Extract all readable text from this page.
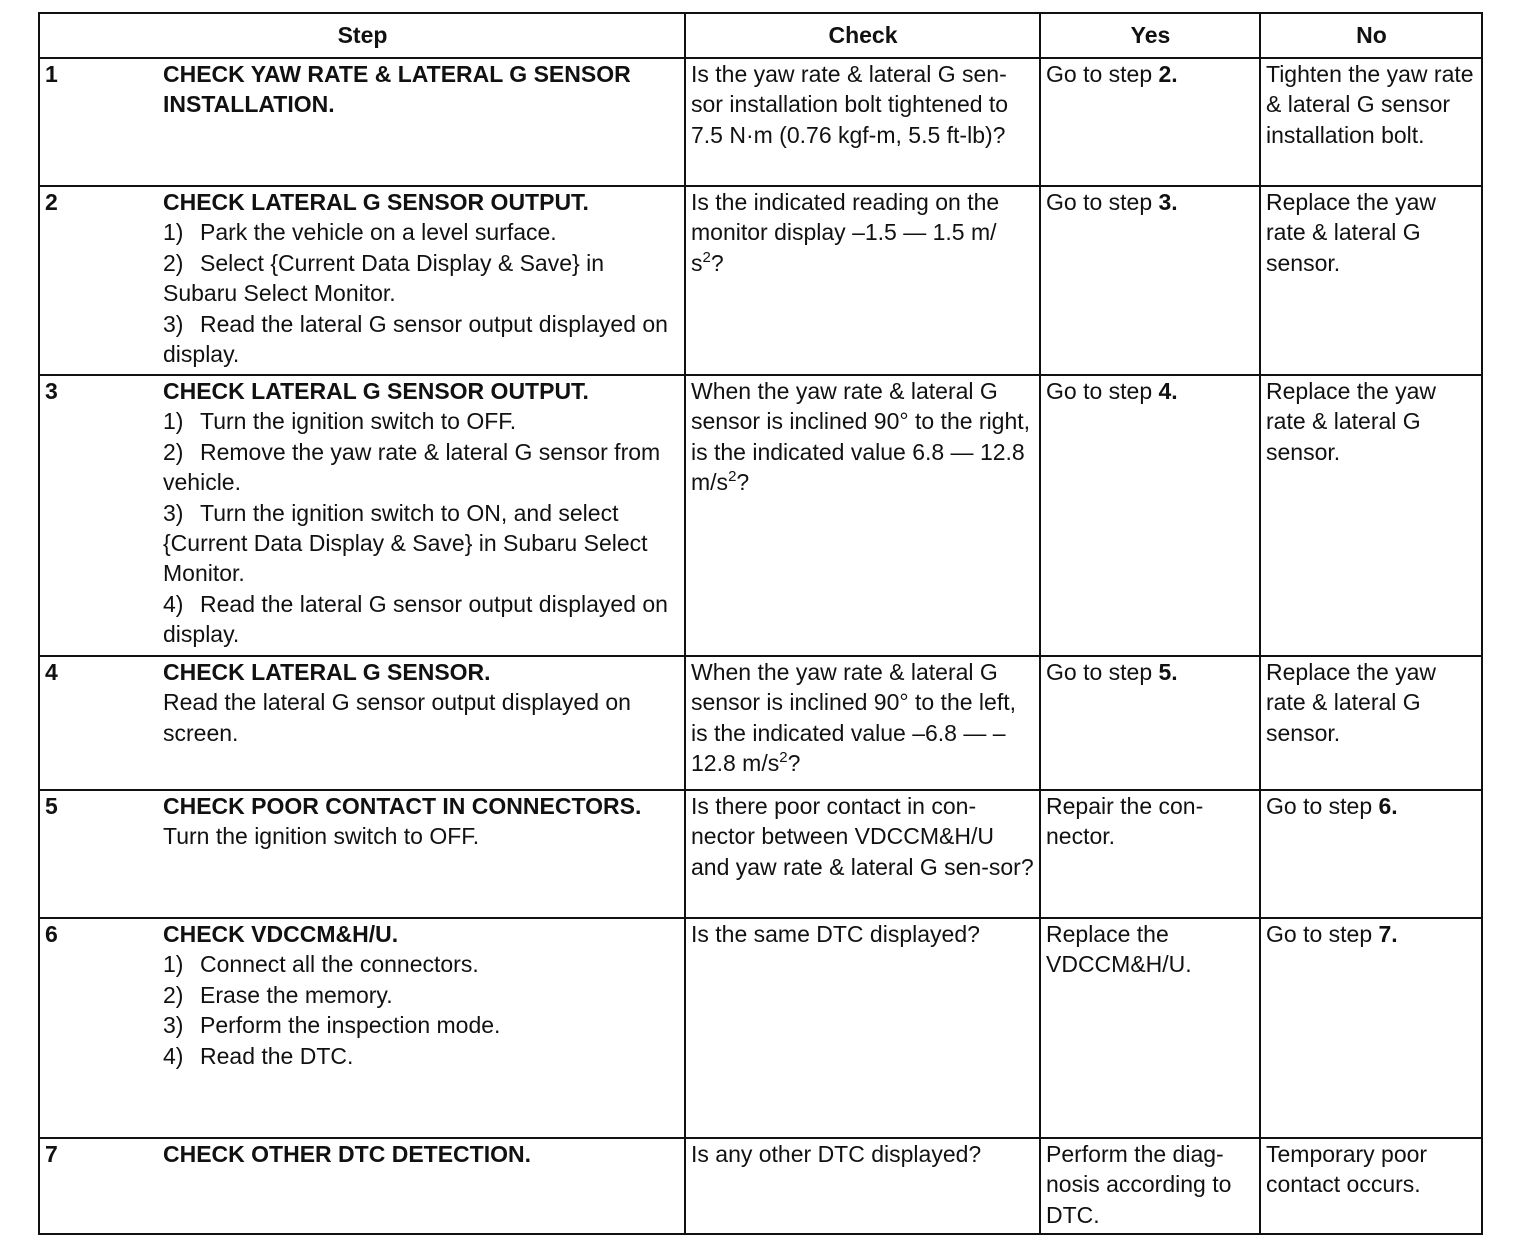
Step		Check	Yes	No
1	CHECK YAW RATE & LATERAL G SENSOR INSTALLATION.	Is the yaw rate & lateral G sen-sor installation bolt tightened to 7.5 N·m (0.76 kgf-m, 5.5 ft-lb)?	Go to step 2.	Tighten the yaw rate & lateral G sensor installation bolt.
2	CHECK LATERAL G SENSOR OUTPUT.
1) Park the vehicle on a level surface.
2) Select {Current Data Display & Save} in Subaru Select Monitor.
3) Read the lateral G sensor output displayed on display.	Is the indicated reading on the monitor display –1.5 — 1.5 m/ $s^2$?	Go to step 3.	Replace the yaw rate & lateral G sensor.
3	CHECK LATERAL G SENSOR OUTPUT.
1) Turn the ignition switch to OFF.
2) Remove the yaw rate & lateral G sensor from vehicle.
3) Turn the ignition switch to ON, and select {Current Data Display & Save} in Subaru Select Monitor.
4) Read the lateral G sensor output displayed on display.	When the yaw rate & lateral G sensor is inclined 90° to the right, is the indicated value 6.8 — 12.8 $m/s^2$?	Go to step 4.	Replace the yaw rate & lateral G sensor.
4	CHECK LATERAL G SENSOR.
Read the lateral G sensor output displayed on screen.	When the yaw rate & lateral G sensor is inclined 90° to the left, is the indicated value –6.8 — –12.8 $m/s^2$?	Go to step 5.	Replace the yaw rate & lateral G sensor.
5	CHECK POOR CONTACT IN CONNECTORS.
Turn the ignition switch to OFF.	Is there poor contact in con-nector between VDCCM&H/U and yaw rate & lateral G sen-sor?	Repair the con-nector.	Go to step 6.
6	CHECK VDCCM&H/U.
1) Connect all the connectors.
2) Erase the memory.
3) Perform the inspection mode.
4) Read the DTC.	Is the same DTC displayed?	Replace the VDCCM&H/U.	Go to step 7.
7	CHECK OTHER DTC DETECTION.	Is any other DTC displayed?	Perform the diag-nosis according to DTC.	Temporary poor contact occurs.
